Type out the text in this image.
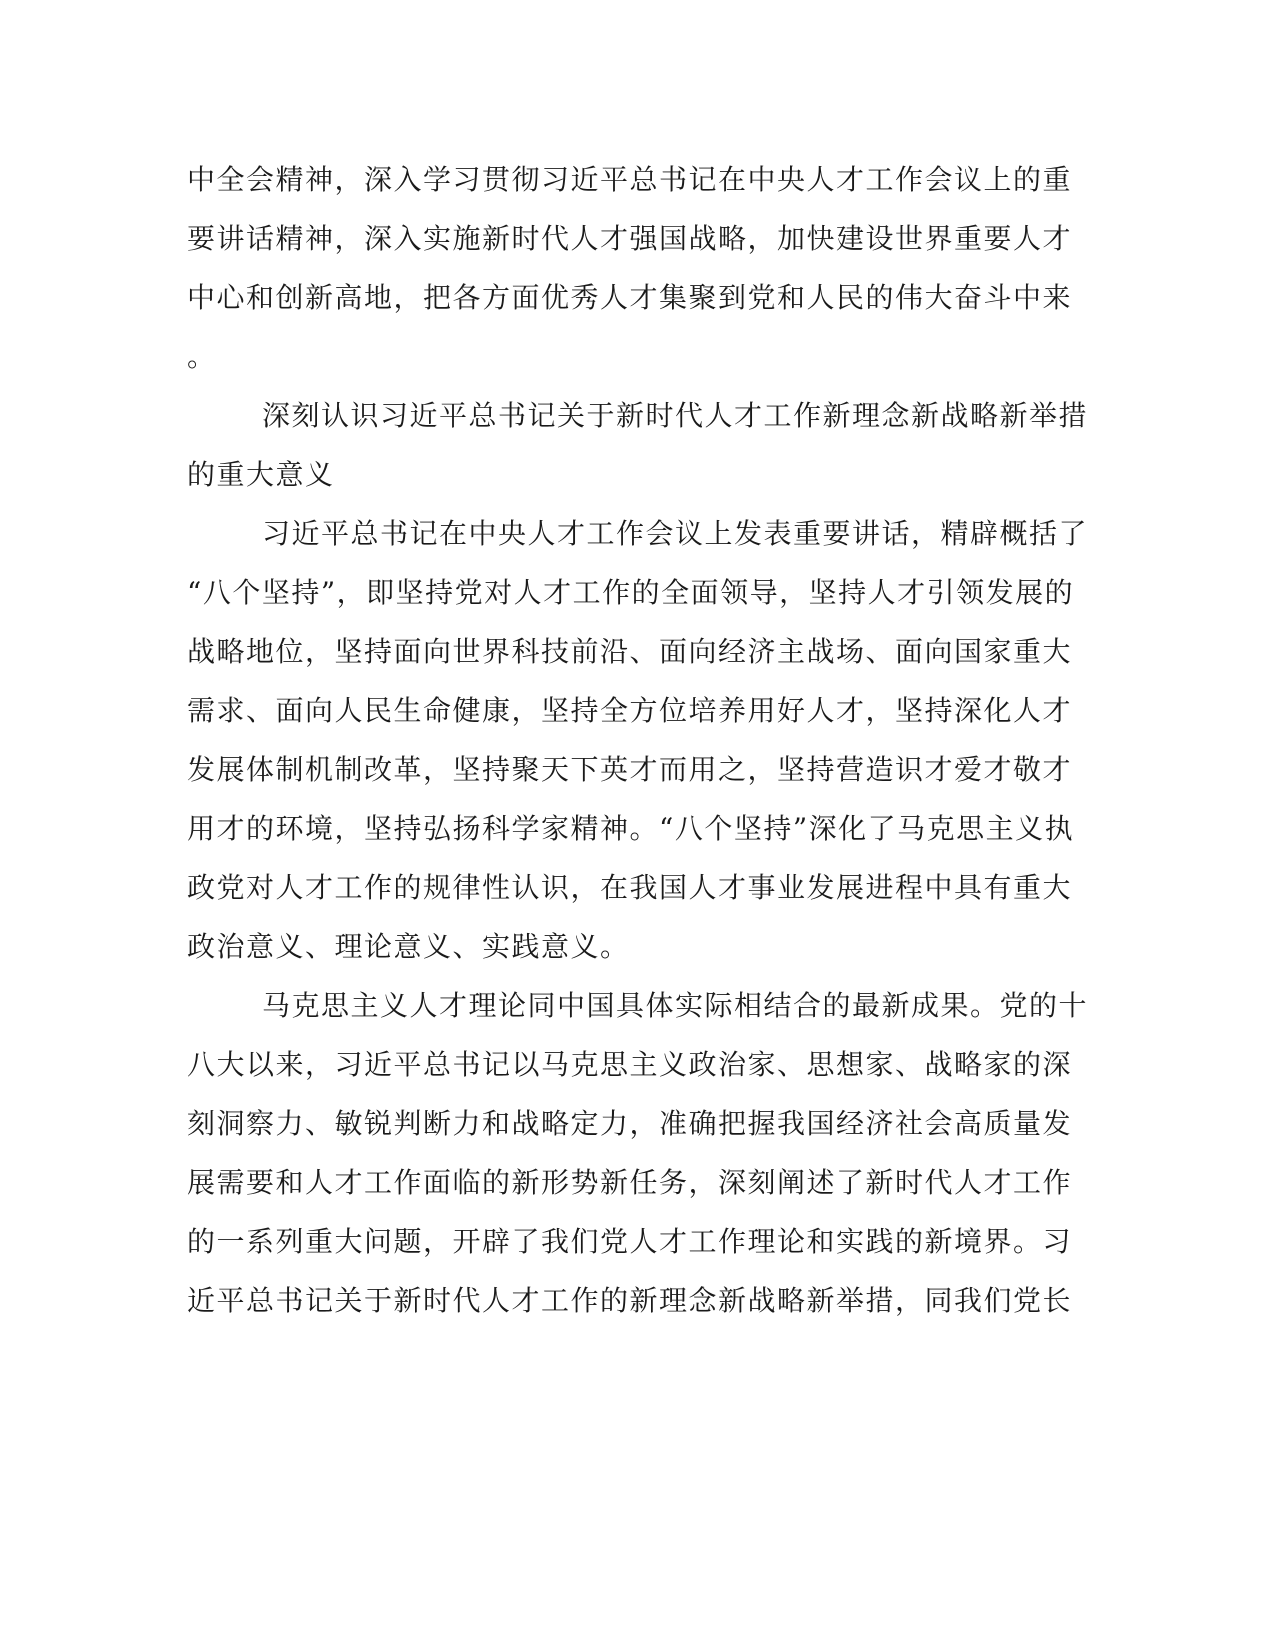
中全会精神，深入学习贯彻习近平总书记在中央人才工作会议上的重
要讲话精神，深入实施新时代人才强国战略，加快建设世界重要人才
中心和创新高地，把各方面优秀人才集聚到党和人民的伟大奋斗中来
。
深刻认识习近平总书记关于新时代人才工作新理念新战略新举措
的重大意义
习近平总书记在中央人才工作会议上发表重要讲话，精辟概括了
“八个坚持”，即坚持党对人才工作的全面领导，坚持人才引领发展的
战略地位，坚持面向世界科技前沿、面向经济主战场、面向国家重大
需求、面向人民生命健康，坚持全方位培养用好人才，坚持深化人才
发展体制机制改革，坚持聚天下英才而用之，坚持营造识才爱才敬才
用才的环境，坚持弘扬科学家精神。“八个坚持”深化了马克思主义执
政党对人才工作的规律性认识，在我国人才事业发展进程中具有重大
政治意义、理论意义、实践意义。
马克思主义人才理论同中国具体实际相结合的最新成果。党的十
八大以来，习近平总书记以马克思主义政治家、思想家、战略家的深
刻洞察力、敏锐判断力和战略定力，准确把握我国经济社会高质量发
展需要和人才工作面临的新形势新任务，深刻阐述了新时代人才工作
的一系列重大问题，开辟了我们党人才工作理论和实践的新境界。习
近平总书记关于新时代人才工作的新理念新战略新举措，同我们党长
